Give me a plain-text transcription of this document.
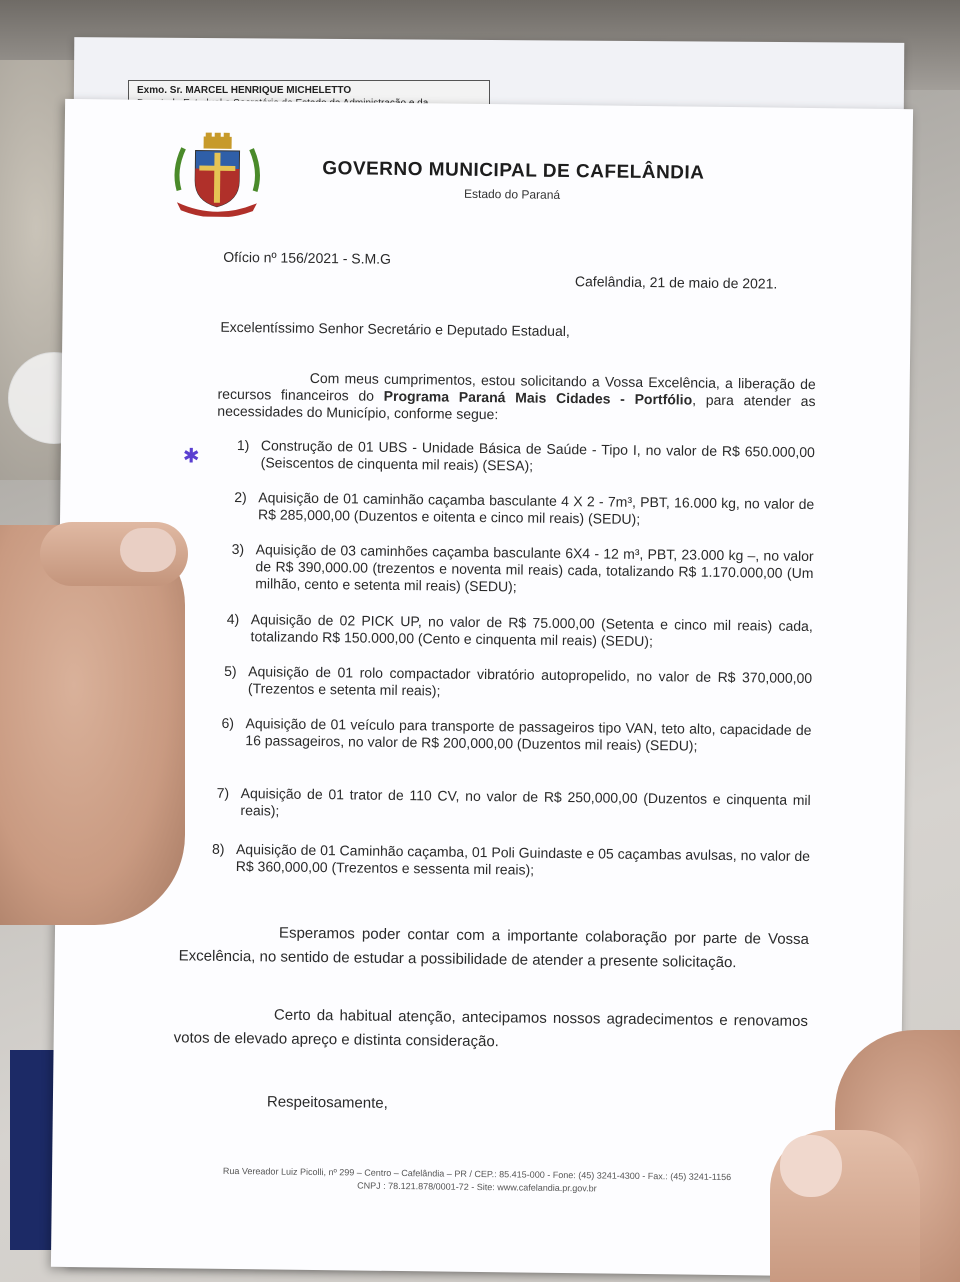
Exmo. Sr. MARCEL HENRIQUE MICHELETTO
GOVERNO MUNICIPAL DE CAFELÂNDIA
Estado do Paraná
Ofício nº 156/2021 - S.M.G
Cafelândia, 21 de maio de 2021.
Excelentíssimo Senhor Secretário e Deputado Estadual,
Com meus cumprimentos, estou solicitando a Vossa Excelência, a liberação de recursos financeiros do Programa Paraná Mais Cidades - Portfólio, para atender as necessidades do Município, conforme segue:
✱
1) Construção de 01 UBS - Unidade Básica de Saúde - Tipo I, no valor de R$ 650.000,00 (Seiscentos de cinquenta mil reais) (SESA);
2) Aquisição de 01 caminhão caçamba basculante 4 X 2 - 7m³, PBT, 16.000 kg, no valor de R$ 285,000,00 (Duzentos e oitenta e cinco mil reais) (SEDU);
3) Aquisição de 03 caminhões caçamba basculante 6X4 - 12 m³, PBT, 23.000 kg –, no valor de R$ 390,000.00 (trezentos e noventa mil reais) cada, totalizando R$ 1.170.000,00 (Um milhão, cento e setenta mil reais) (SEDU);
4) Aquisição de 02 PICK UP, no valor de R$ 75.000,00 (Setenta e cinco mil reais) cada, totalizando R$ 150.000,00 (Cento e cinquenta mil reais) (SEDU);
5) Aquisição de 01 rolo compactador vibratório autopropelido, no valor de R$ 370,000,00 (Trezentos e setenta mil reais);
6) Aquisição de 01 veículo para transporte de passageiros tipo VAN, teto alto, capacidade de 16 passageiros, no valor de R$ 200,000,00 (Duzentos mil reais) (SEDU);
7) Aquisição de 01 trator de 110 CV, no valor de R$ 250,000,00 (Duzentos e cinquenta mil reais);
8) Aquisição de 01 Caminhão caçamba, 01 Poli Guindaste e 05 caçambas avulsas, no valor de R$ 360,000,00 (Trezentos e sessenta mil reais);
Esperamos poder contar com a importante colaboração por parte de Vossa Excelência, no sentido de estudar a possibilidade de atender a presente solicitação.
Certo da habitual atenção, antecipamos nossos agradecimentos e renovamos votos de elevado apreço e distinta consideração.
Respeitosamente,
Rua Vereador Luiz Picolli, nº 299 – Centro – Cafelândia – PR / CEP.: 85.415-000 - Fone: (45) 3241-4300 - Fax.: (45) 3241-1156
CNPJ : 78.121.878/0001-72 - Site: www.cafelandia.pr.gov.br
